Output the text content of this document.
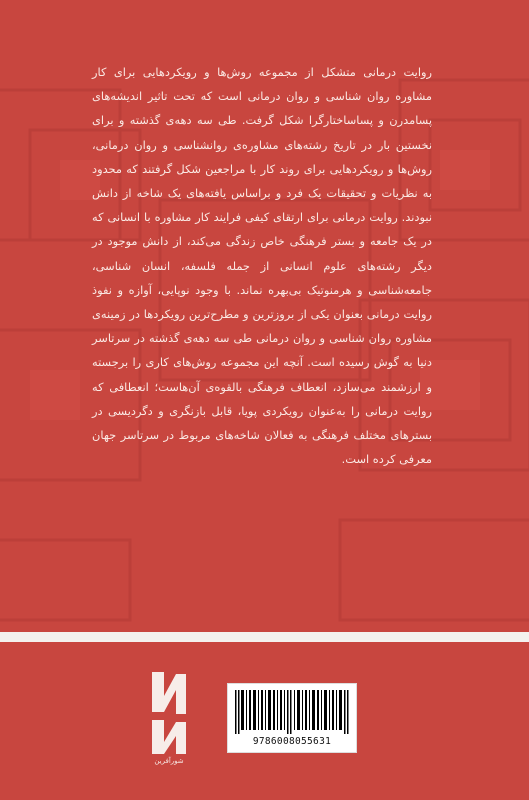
روایت درمانی متشکل از مجموعه روش‌ها و رویکردهایی برای کار مشاوره روان شناسی و روان درمانی است که تحت تاثیر اندیشه‌های پسامدرن و پساساختارگرا شکل گرفت. طی سه دهه‌ی گذشته و برای نخستین بار در تاریخ رشته‌های مشاوره‌ی روانشناسی و روان درمانی، روش‌ها و رویکردهایی برای روند کار با مراجعین شکل گرفتند که محدود به نظریات و تحقیقات یک فرد و براساس یافته‌های یک شاخه از دانش نبودند. روایت درمانی برای ارتقای کیفی فرایند کار مشاوره با انسانی که در یک جامعه و بستر فرهنگی خاص زندگی می‌کند، از دانش موجود در دیگر رشته‌های علوم انسانی از جمله فلسفه، انسان شناسی، جامعه‌شناسی و هرمنوتیک بی‌بهره نماند. با وجود نوپایی، آوازه و نفوذ روایت درمانی بعنوان یکی از بروزترین و مطرح‌ترین رویکردها در زمینه‌ی مشاوره روان شناسی و روان درمانی طی سه دهه‌ی گذشته در سرتاسر دنیا به گوش رسیده است. آنچه این مجموعه روش‌های کاری را برجسته و ارزشمند می‌سازد، انعطاف فرهنگی بالقوه‌ی آن‌هاست؛ انعطافی که روایت درمانی را به‌عنوان رویکردی پویا، قابل بازنگری و دگردیسی در بسترهای مختلف فرهنگی به فعالان شاخه‌های مربوط در سرتاسر جهان معرفی کرده است.
شورآفرین
9786008055631
